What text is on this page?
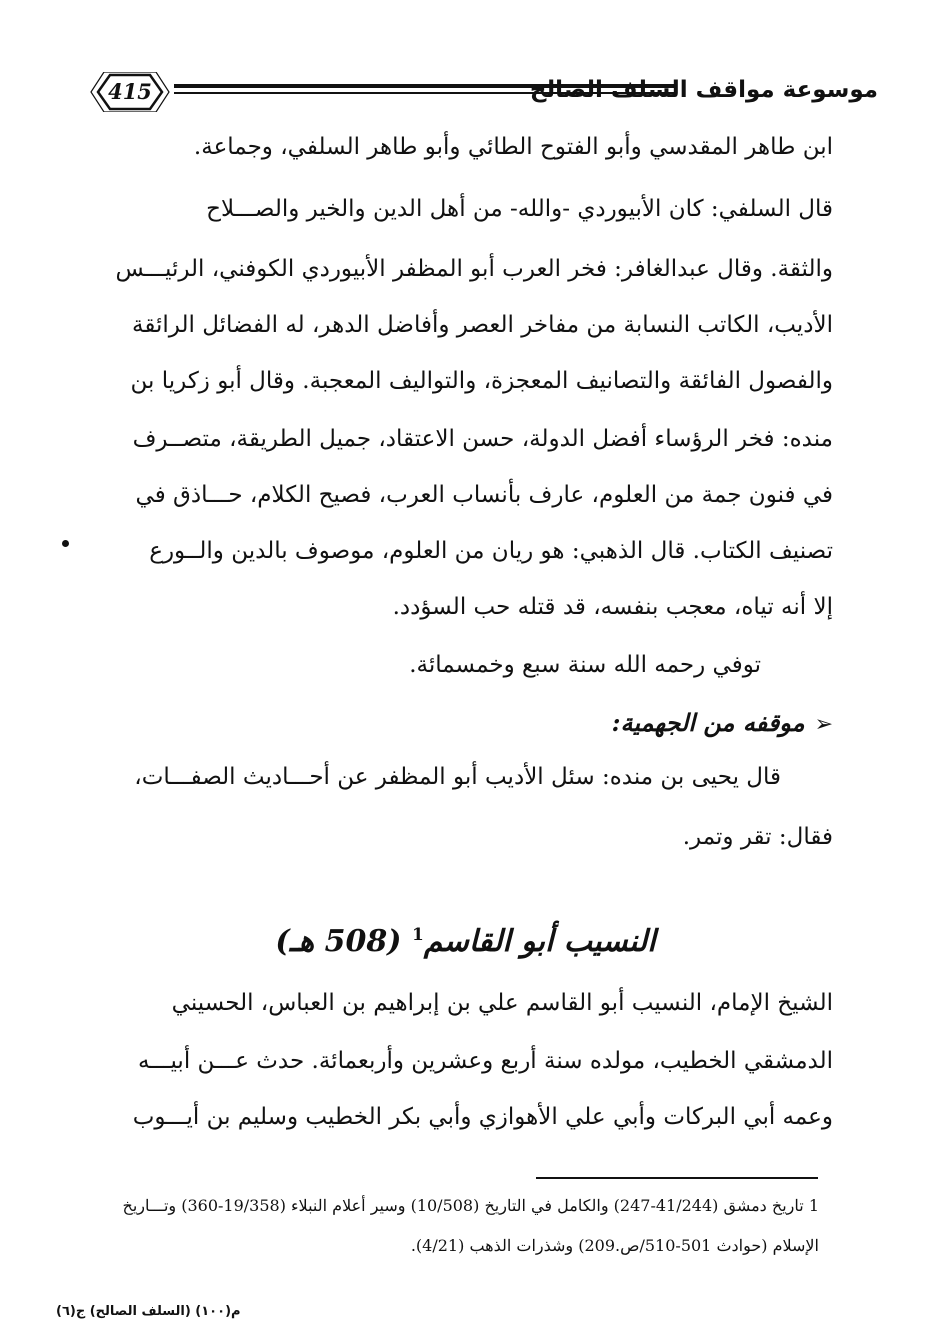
415	موسوعة مواقف السلف الصالح
ابن طاهر المقدسي وأبو الفتوح الطائي وأبو طاهر السلفي، وجماعة.
قال السلفي: كان الأبيوردي -والله- من أهل الدين والخير والصـــلاح
والثقة. وقال عبدالغافر: فخر العرب أبو المظفر الأبيوردي الكوفني، الرئيـــس
الأديب، الكاتب النسابة من مفاخر العصر وأفاضل الدهر، له الفضائل الرائقة
والفصول الفائقة والتصانيف المعجزة، والتواليف المعجبة. وقال أبو زكريا بن
منده: فخر الرؤساء أفضل الدولة، حسن الاعتقاد، جميل الطريقة، متصــرف
في فنون جمة من العلوم، عارف بأنساب العرب، فصيح الكلام، حـــاذق في
تصنيف الكتاب. قال الذهبي: هو ريان من العلوم، موصوف بالدين والــورع
إلا أنه تياه، معجب بنفسه، قد قتله حب السؤدد.
توفي رحمه الله سنة سبع وخمسمائة.
➢موقفه من الجهمية:
قال يحيى بن منده: سئل الأديب أبو المظفر عن أحـــاديث الصفـــات،
فقال: تقر وتمر.
النسيب أبو القاسم$^1$ (508 هـ)
الشيخ الإمام، النسيب أبو القاسم علي بن إبراهيم بن العباس، الحسيني
الدمشقي الخطيب، مولده سنة أربع وعشرين وأربعمائة. حدث عـــن أبيـــه
وعمه أبي البركات وأبي علي الأهوازي وأبي بكر الخطيب وسليم بن أيـــوب
1 تاريخ دمشق (41/244-247) والكامل في التاريخ (10/508) وسير أعلام النبلاء (19/358-360) وتـــاريخ
الإسلام (حوادث 501-510/ص.209) وشذرات الذهب (4/21).
م(١٠٠) (السلف الصالح) ج(٦)
